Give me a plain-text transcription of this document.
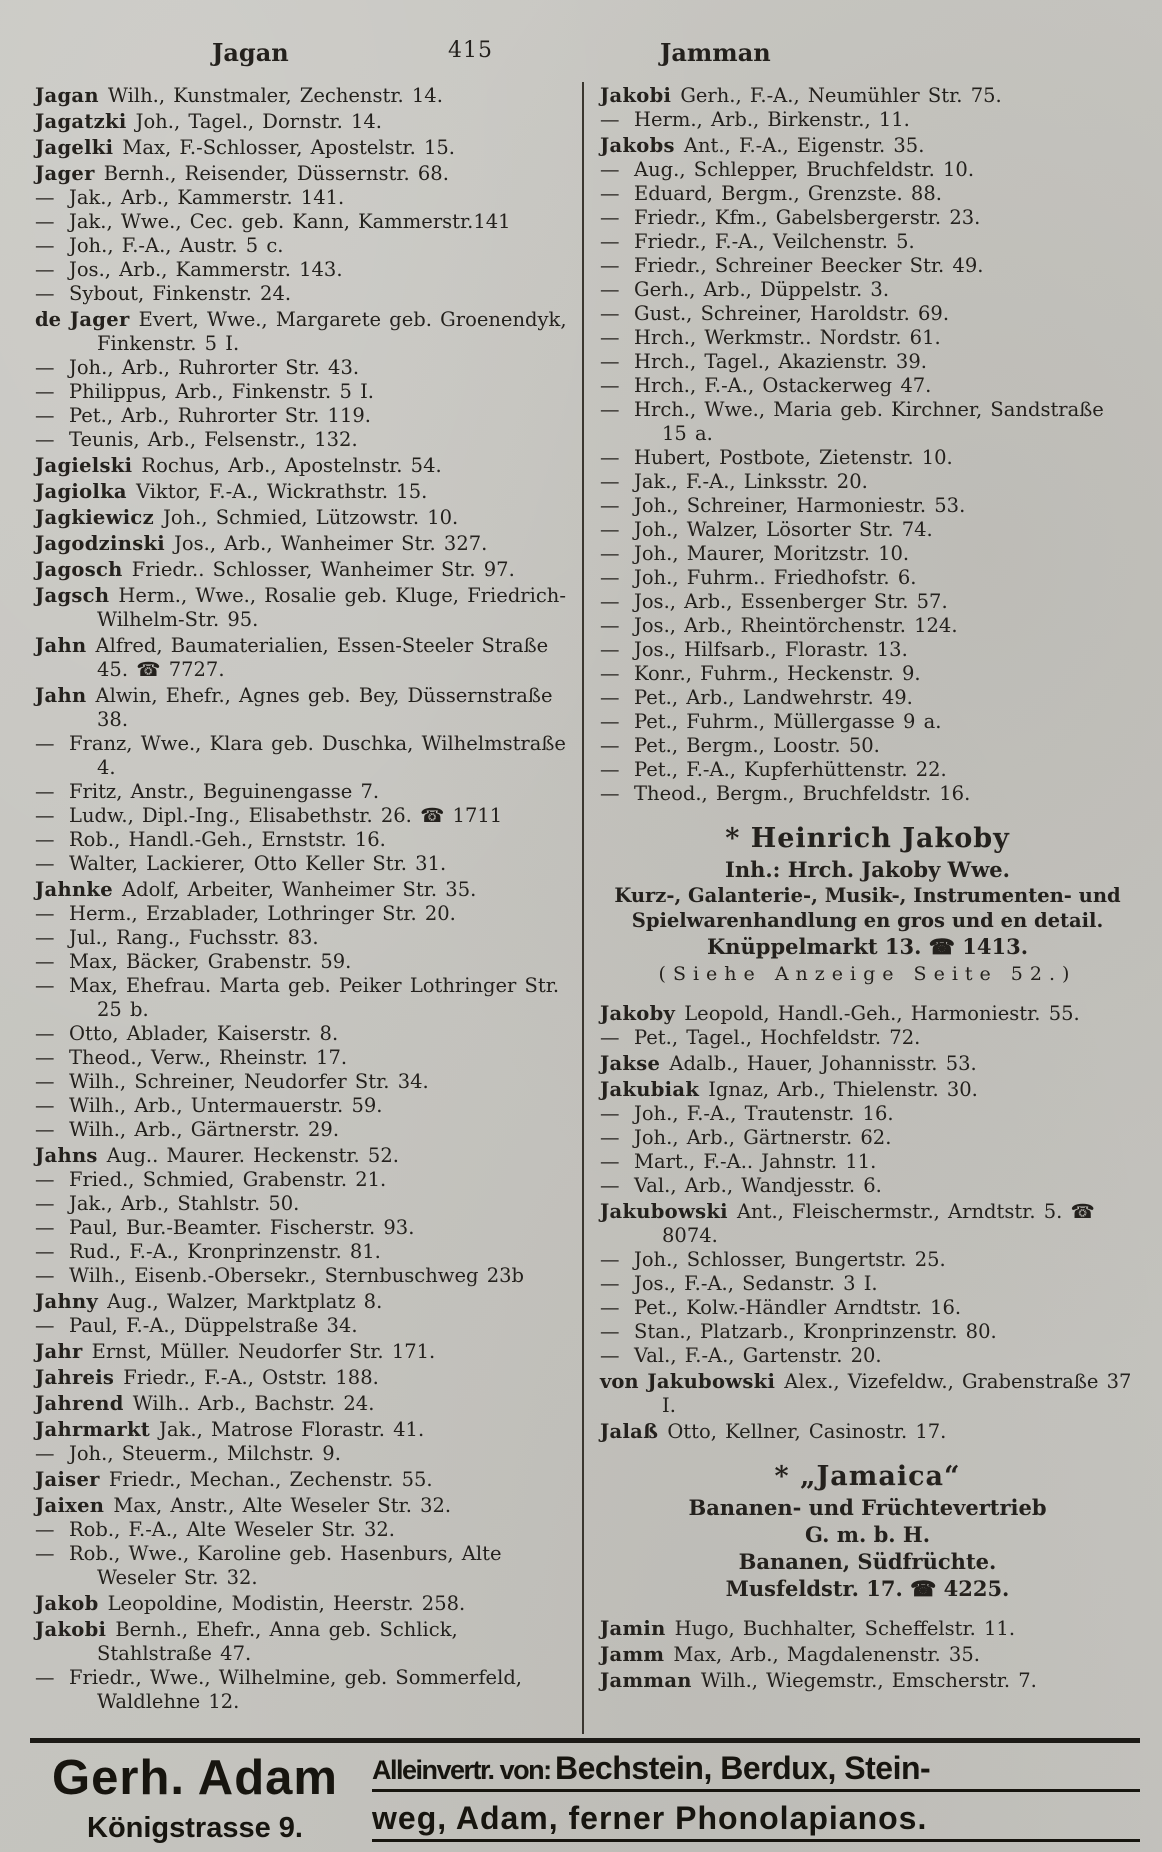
Jagan	415	Jamman

Jagan Wilh., Kunstmaler, Zechenstr. 14.

Jagatzki Joh., Tagel., Dornstr. 14.

Jagelki Max, F.-Schlosser, Apostelstr. 15.

Jager Bernh., Reisender, Düssernstr. 68.

— Jak., Arb., Kammerstr. 141.

— Jak., Wwe., Cec. geb. Kann, Kammerstr.141

— Joh., F.-A., Austr. 5 c.

— Jos., Arb., Kammerstr. 143.

— Sybout, Finkenstr. 24.

de Jager Evert, Wwe., Margarete geb. Groenendyk, Finkenstr. 5 I.

— Joh., Arb., Ruhrorter Str. 43.

— Philippus, Arb., Finkenstr. 5 I.

— Pet., Arb., Ruhrorter Str. 119.

— Teunis, Arb., Felsenstr., 132.

Jagielski Rochus, Arb., Apostelnstr. 54.

Jagiolka Viktor, F.-A., Wickrathstr. 15.

Jagkiewicz Joh., Schmied, Lützowstr. 10.

Jagodzinski Jos., Arb., Wanheimer Str. 327.

Jagosch Friedr.. Schlosser, Wanheimer Str. 97.

Jagsch Herm., Wwe., Rosalie geb. Kluge, Friedrich-Wilhelm-Str. 95.

Jahn Alfred, Baumaterialien, Essen-Steeler Straße 45. ☎ 7727.

Jahn Alwin, Ehefr., Agnes geb. Bey, Düssernstraße 38.

— Franz, Wwe., Klara geb. Duschka, Wilhelmstraße 4.

— Fritz, Anstr., Beguinengasse 7.

— Ludw., Dipl.-Ing., Elisabethstr. 26. ☎ 1711

— Rob., Handl.-Geh., Ernststr. 16.

— Walter, Lackierer, Otto Keller Str. 31.

Jahnke Adolf, Arbeiter, Wanheimer Str. 35.

— Herm., Erzablader, Lothringer Str. 20.

— Jul., Rang., Fuchsstr. 83.

— Max, Bäcker, Grabenstr. 59.

— Max, Ehefrau. Marta geb. Peiker Lothringer Str. 25 b.

— Otto, Ablader, Kaiserstr. 8.

— Theod., Verw., Rheinstr. 17.

— Wilh., Schreiner, Neudorfer Str. 34.

— Wilh., Arb., Untermauerstr. 59.

— Wilh., Arb., Gärtnerstr. 29.

Jahns Aug.. Maurer. Heckenstr. 52.

— Fried., Schmied, Grabenstr. 21.

— Jak., Arb., Stahlstr. 50.

— Paul, Bur.-Beamter. Fischerstr. 93.

— Rud., F.-A., Kronprinzenstr. 81.

— Wilh., Eisenb.-Obersekr., Sternbuschweg 23b

Jahny Aug., Walzer, Marktplatz 8.

— Paul, F.-A., Düppelstraße 34.

Jahr Ernst, Müller. Neudorfer Str. 171.

Jahreis Friedr., F.-A., Oststr. 188.

Jahrend Wilh.. Arb., Bachstr. 24.

Jahrmarkt Jak., Matrose Florastr. 41.

— Joh., Steuerm., Milchstr. 9.

Jaiser Friedr., Mechan., Zechenstr. 55.

Jaixen Max, Anstr., Alte Weseler Str. 32.

— Rob., F.-A., Alte Weseler Str. 32.

— Rob., Wwe., Karoline geb. Hasenburs, Alte Weseler Str. 32.

Jakob Leopoldine, Modistin, Heerstr. 258.

Jakobi Bernh., Ehefr., Anna geb. Schlick, Stahlstraße 47.

— Friedr., Wwe., Wilhelmine, geb. Sommerfeld, Waldlehne 12.

Jakobi Gerh., F.-A., Neumühler Str. 75.

— Herm., Arb., Birkenstr., 11.

Jakobs Ant., F.-A., Eigenstr. 35.

— Aug., Schlepper, Bruchfeldstr. 10.

— Eduard, Bergm., Grenzste. 88.

— Friedr., Kfm., Gabelsbergerstr. 23.

— Friedr., F.-A., Veilchenstr. 5.

— Friedr., Schreiner Beecker Str. 49.

— Gerh., Arb., Düppelstr. 3.

— Gust., Schreiner, Haroldstr. 69.

— Hrch., Werkmstr.. Nordstr. 61.

— Hrch., Tagel., Akazienstr. 39.

— Hrch., F.-A., Ostackerweg 47.

— Hrch., Wwe., Maria geb. Kirchner, Sandstraße 15 a.

— Hubert, Postbote, Zietenstr. 10.

— Jak., F.-A., Linksstr. 20.

— Joh., Schreiner, Harmoniestr. 53.

— Joh., Walzer, Lösorter Str. 74.

— Joh., Maurer, Moritzstr. 10.

— Joh., Fuhrm.. Friedhofstr. 6.

— Jos., Arb., Essenberger Str. 57.

— Jos., Arb., Rheintörchenstr. 124.

— Jos., Hilfsarb., Florastr. 13.

— Konr., Fuhrm., Heckenstr. 9.

— Pet., Arb., Landwehrstr. 49.

— Pet., Fuhrm., Müllergasse 9 a.

— Pet., Bergm., Loostr. 50.

— Pet., F.-A., Kupferhüttenstr. 22.

— Theod., Bergm., Bruchfeldstr. 16.

* Heinrich Jakoby
Inh.: Hrch. Jakoby Wwe.
Kurz-, Galanterie-, Musik-, Instrumenten- und
Spielwarenhandlung en gros und en detail.
Knüppelmarkt 13. ☎ 1413.
(Siehe Anzeige Seite 52.)

Jakoby Leopold, Handl.-Geh., Harmoniestr. 55.

— Pet., Tagel., Hochfeldstr. 72.

Jakse Adalb., Hauer, Johannisstr. 53.

Jakubiak Ignaz, Arb., Thielenstr. 30.

— Joh., F.-A., Trautenstr. 16.

— Joh., Arb., Gärtnerstr. 62.

— Mart., F.-A.. Jahnstr. 11.

— Val., Arb., Wandjesstr. 6.

Jakubowski Ant., Fleischermstr., Arndtstr. 5. ☎ 8074.

— Joh., Schlosser, Bungertstr. 25.

— Jos., F.-A., Sedanstr. 3 I.

— Pet., Kolw.-Händler Arndtstr. 16.

— Stan., Platzarb., Kronprinzenstr. 80.

— Val., F.-A., Gartenstr. 20.

von Jakubowski Alex., Vizefeldw., Grabenstraße 37 I.

Jalaß Otto, Kellner, Casinostr. 17.

* „Jamaica“
Bananen- und Früchtevertrieb
G. m. b. H.
Bananen, Südfrüchte.
Musfeldstr. 17. ☎ 4225.

Jamin Hugo, Buchhalter, Scheffelstr. 11.

Jamm Max, Arb., Magdalenenstr. 35.

Jamman Wilh., Wiegemstr., Emscherstr. 7.

Gerh. Adam
Königstrasse 9.
Alleinvertr. von: Bechstein, Berdux, Stein-
weg, Adam, ferner Phonolapianos.
